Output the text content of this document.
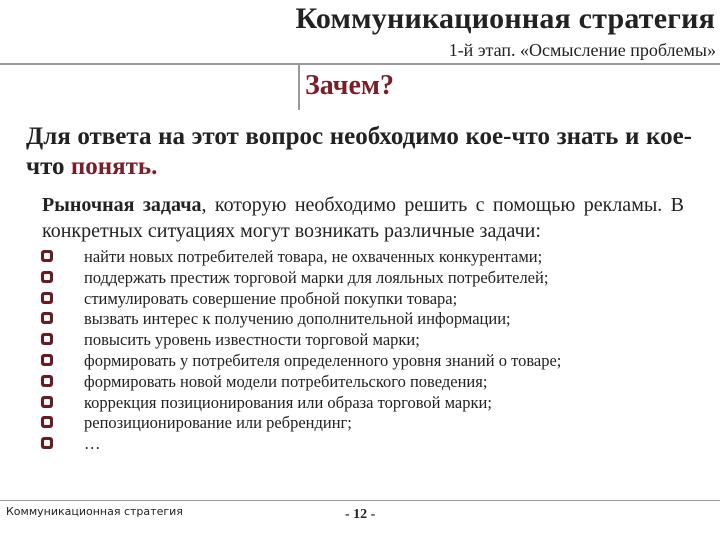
Коммуникационная стратегия
1-й этап. «Осмысление проблемы»
Зачем?
Для ответа на этот вопрос необходимо кое-что знать и кое-что понять.
Рыночная задача, которую необходимо решить с помощью рекламы. В конкретных ситуациях могут возникать различные задачи:
найти новых потребителей товара, не охваченных конкурентами;
поддержать престиж торговой марки для лояльных потребителей;
стимулировать совершение пробной покупки товара;
вызвать интерес к получению дополнительной информации;
повысить уровень известности торговой марки;
формировать у потребителя определенного уровня знаний о товаре;
формировать новой модели потребительского поведения;
коррекция позиционирования или образа торговой марки;
репозиционирование или ребрендинг;
…
Коммуникационная стратегия	- 12 -
